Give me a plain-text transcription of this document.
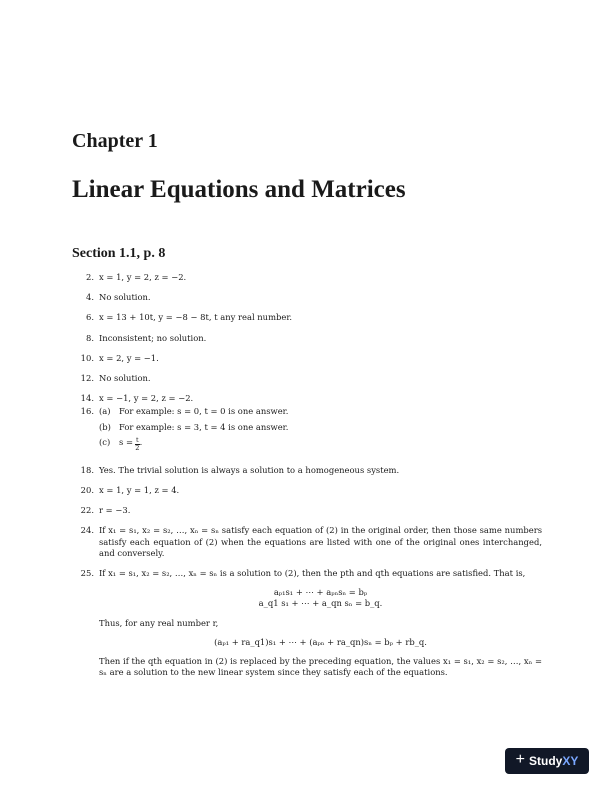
Chapter 1
Linear Equations and Matrices
Section 1.1, p. 8
2. x = 1, y = 2, z = −2.
4. No solution.
6. x = 13 + 10t, y = −8 − 8t, t any real number.
8. Inconsistent; no solution.
10. x = 2, y = −1.
12. No solution.
14. x = −1, y = 2, z = −2.
16. (a)	For example: s = 0, t = 0 is one answer.
(b) For example: s = 3, t = 4 is one answer.
(c)	$s = \frac{t}{2}$ .
18. Yes. The trivial solution is always a solution to a homogeneous system.
20. x = 1, y = 1, z = 4.
22. r = −3.
24. If x₁ = s₁, x₂ = s₂, …, xₙ = sₙ satisfy each equation of (2) in the original order, then those same numbers satisfy each equation of (2) when the equations are listed with one of the original ones interchanged, and conversely.
25. If x₁ = s₁, x₂ = s₂, …, xₙ = sₙ is a solution to (2), then the pth and qth equations are satisfied. That is,
aₚ₁s₁ + ⋯ + aₚₙsₙ = bₚ
a_q1 s₁ + ⋯ + a_qn sₙ = b_q.
Thus, for any real number r,
(aₚ₁ + ra_q1)s₁ + ⋯ + (aₚₙ + ra_qn)sₙ = bₚ + rb_q.
Then if the qth equation in (2) is replaced by the preceding equation, the values x₁ = s₁, x₂ = s₂, …, xₙ = sₙ are a solution to the new linear system since they satisfy each of the equations.
+ StudyXY
